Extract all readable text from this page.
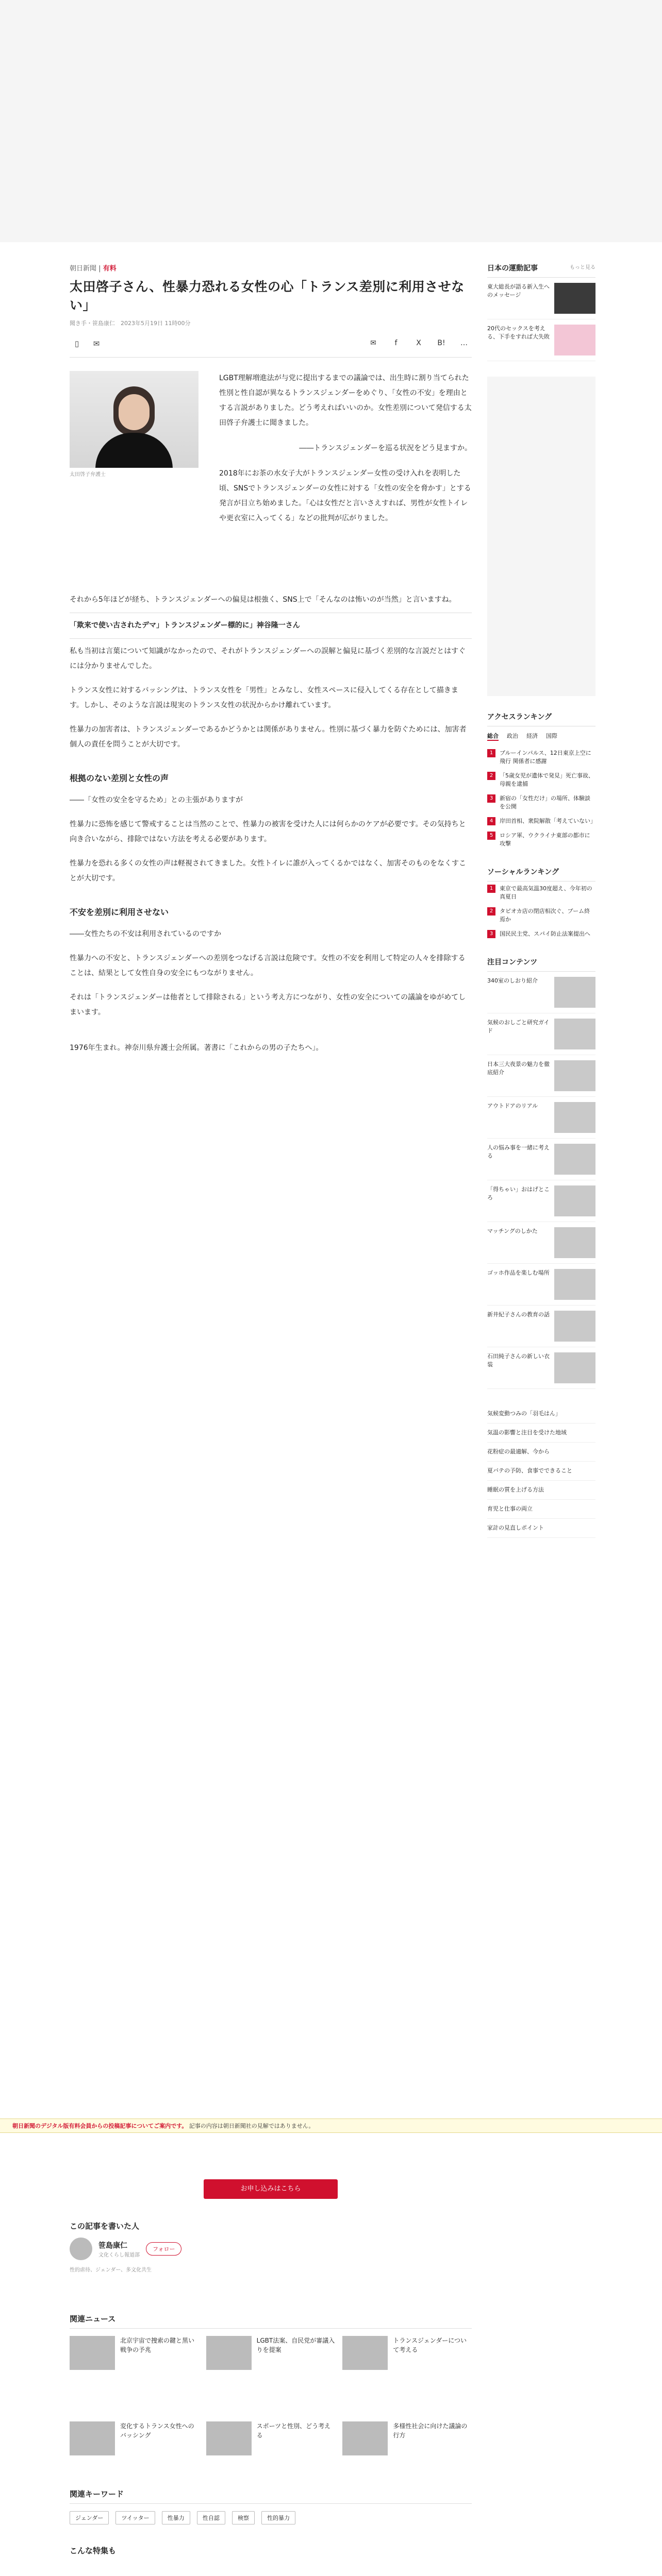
朝日新聞 | 有料
太田啓子さん、性暴力恐れる女性の心「トランス差別に利用させない」
聞き手・笹島康仁　2023年5月19日 11時00分
▯	✉	✉	f	X	B!	…
太田啓子弁護士

LGBT理解増進法が与党に提出するまでの議論では、出生時に割り当てられた性別と性自認が異なるトランスジェンダーをめぐり、「女性の不安」を理由とする言説がありました。どう考えればいいのか。女性差別について発信する太田啓子弁護士に聞きました。

――トランスジェンダーを巡る状況をどう見ますか。

2018年にお茶の水女子大がトランスジェンダー女性の受け入れを表明した頃、SNSでトランスジェンダーの女性に対する「女性の安全を脅かす」とする発言が目立ち始めました。「心は女性だと言いさえすれば、男性が女性トイレや更衣室に入ってくる」などの批判が広がりました。

それから5年ほどが経ち、トランスジェンダーへの偏見は根強く、SNS上で「そんなのは怖いのが当然」と言いますね。

「欺来で使い古されたデマ」トランスジェンダー標的に」神谷隆一さん

私も当初は言葉について知識がなかったので、それがトランスジェンダーへの誤解と偏見に基づく差別的な言説だとはすぐには分かりませんでした。

トランス女性に対するバッシングは、トランス女性を「男性」とみなし、女性スペースに侵入してくる存在として描きます。しかし、そのような言説は現実のトランス女性の状況からかけ離れています。

性暴力の加害者は、トランスジェンダーであるかどうかとは関係がありません。性別に基づく暴力を防ぐためには、加害者個人の責任を問うことが大切です。

根拠のない差別と女性の声

――「女性の安全を守るため」との主張がありますが

性暴力に恐怖を感じて警戒することは当然のことで、性暴力の被害を受けた人には何らかのケアが必要です。その気持ちと向き合いながら、排除ではない方法を考える必要があります。

性暴力を恐れる多くの女性の声は軽視されてきました。女性トイレに誰が入ってくるかではなく、加害そのものをなくすことが大切です。

不安を差別に利用させない

――女性たちの不安は利用されているのですか

性暴力への不安と、トランスジェンダーへの差別をつなげる言説は危険です。女性の不安を利用して特定の人々を排除することは、結果として女性自身の安全にもつながりません。

それは「トランスジェンダーは他者として排除される」という考え方につながり、女性の安全についての議論をゆがめてしまいます。

1976年生まれ。神奈川県弁護士会所属。著書に「これからの男の子たちへ」。

お申し込みはこちら
この記事を書いた人
笹島康仁
文化くらし報道部
フォロー
性的虐待、ジェンダー、多文化共生
関連ニュース
北京宇宙で捜索の鍵と黒い戦争の予兆
LGBT法案、自民党が審議入りを提案
トランスジェンダーについて考える
変化するトランス女性へのバッシング
スポーツと性別、どう考える
多様性社会に向けた議論の行方
関連キーワード
ジェンダー	ツイッター	性暴力	性自認	検察	性的暴力
こんな特集も
日本の運動記事	もっと見る
東大総長が語る新入生へのメッセージ
20代のセックスを考える、下手をすれば大失敗
アクセスランキング
総合 政治 経済 国際
1	ブルーインパルス、12日東京上空に飛行 関係者に感謝
2	「5歳女児が遺体で発見」死亡事故、母親を逮捕
3	新宿の「女性だけ」の場所、体験談を公開
4	岸田首相、衆院解散「考えていない」
5	ロシア軍、ウクライナ東部の都市に攻撃
ソーシャルランキング
1	東京で最高気温30度超え、今年初の真夏日
2	タピオカ店の閉店相次ぐ、ブーム終焉か
3	国民民主党、スパイ防止法案提出へ
注目コンテンツ
340室のしおり紹介
気候のおしごと研究ガイド
日本三大夜景の魅力を徹底紹介
アウトドアのリアル
人の悩み事を一緒に考える
「得ちゃい」おはげところ
マッチングのしかた
ゴッホ作品を楽しむ場所
新井紀子さんの教育の話
石田純子さんの新しい衣装
気候変動つみの「羽毛はん」
気温の影響と注目を受けた地域
花粉症の最適解、今から
夏バテの予防、食事でできること
睡眠の質を上げる方法
育児と仕事の両立
家計の見直しポイント
朝日新聞のデジタル版有料会員からの投稿記事についてご案内です。 記事の内容は朝日新聞社の見解ではありません。
